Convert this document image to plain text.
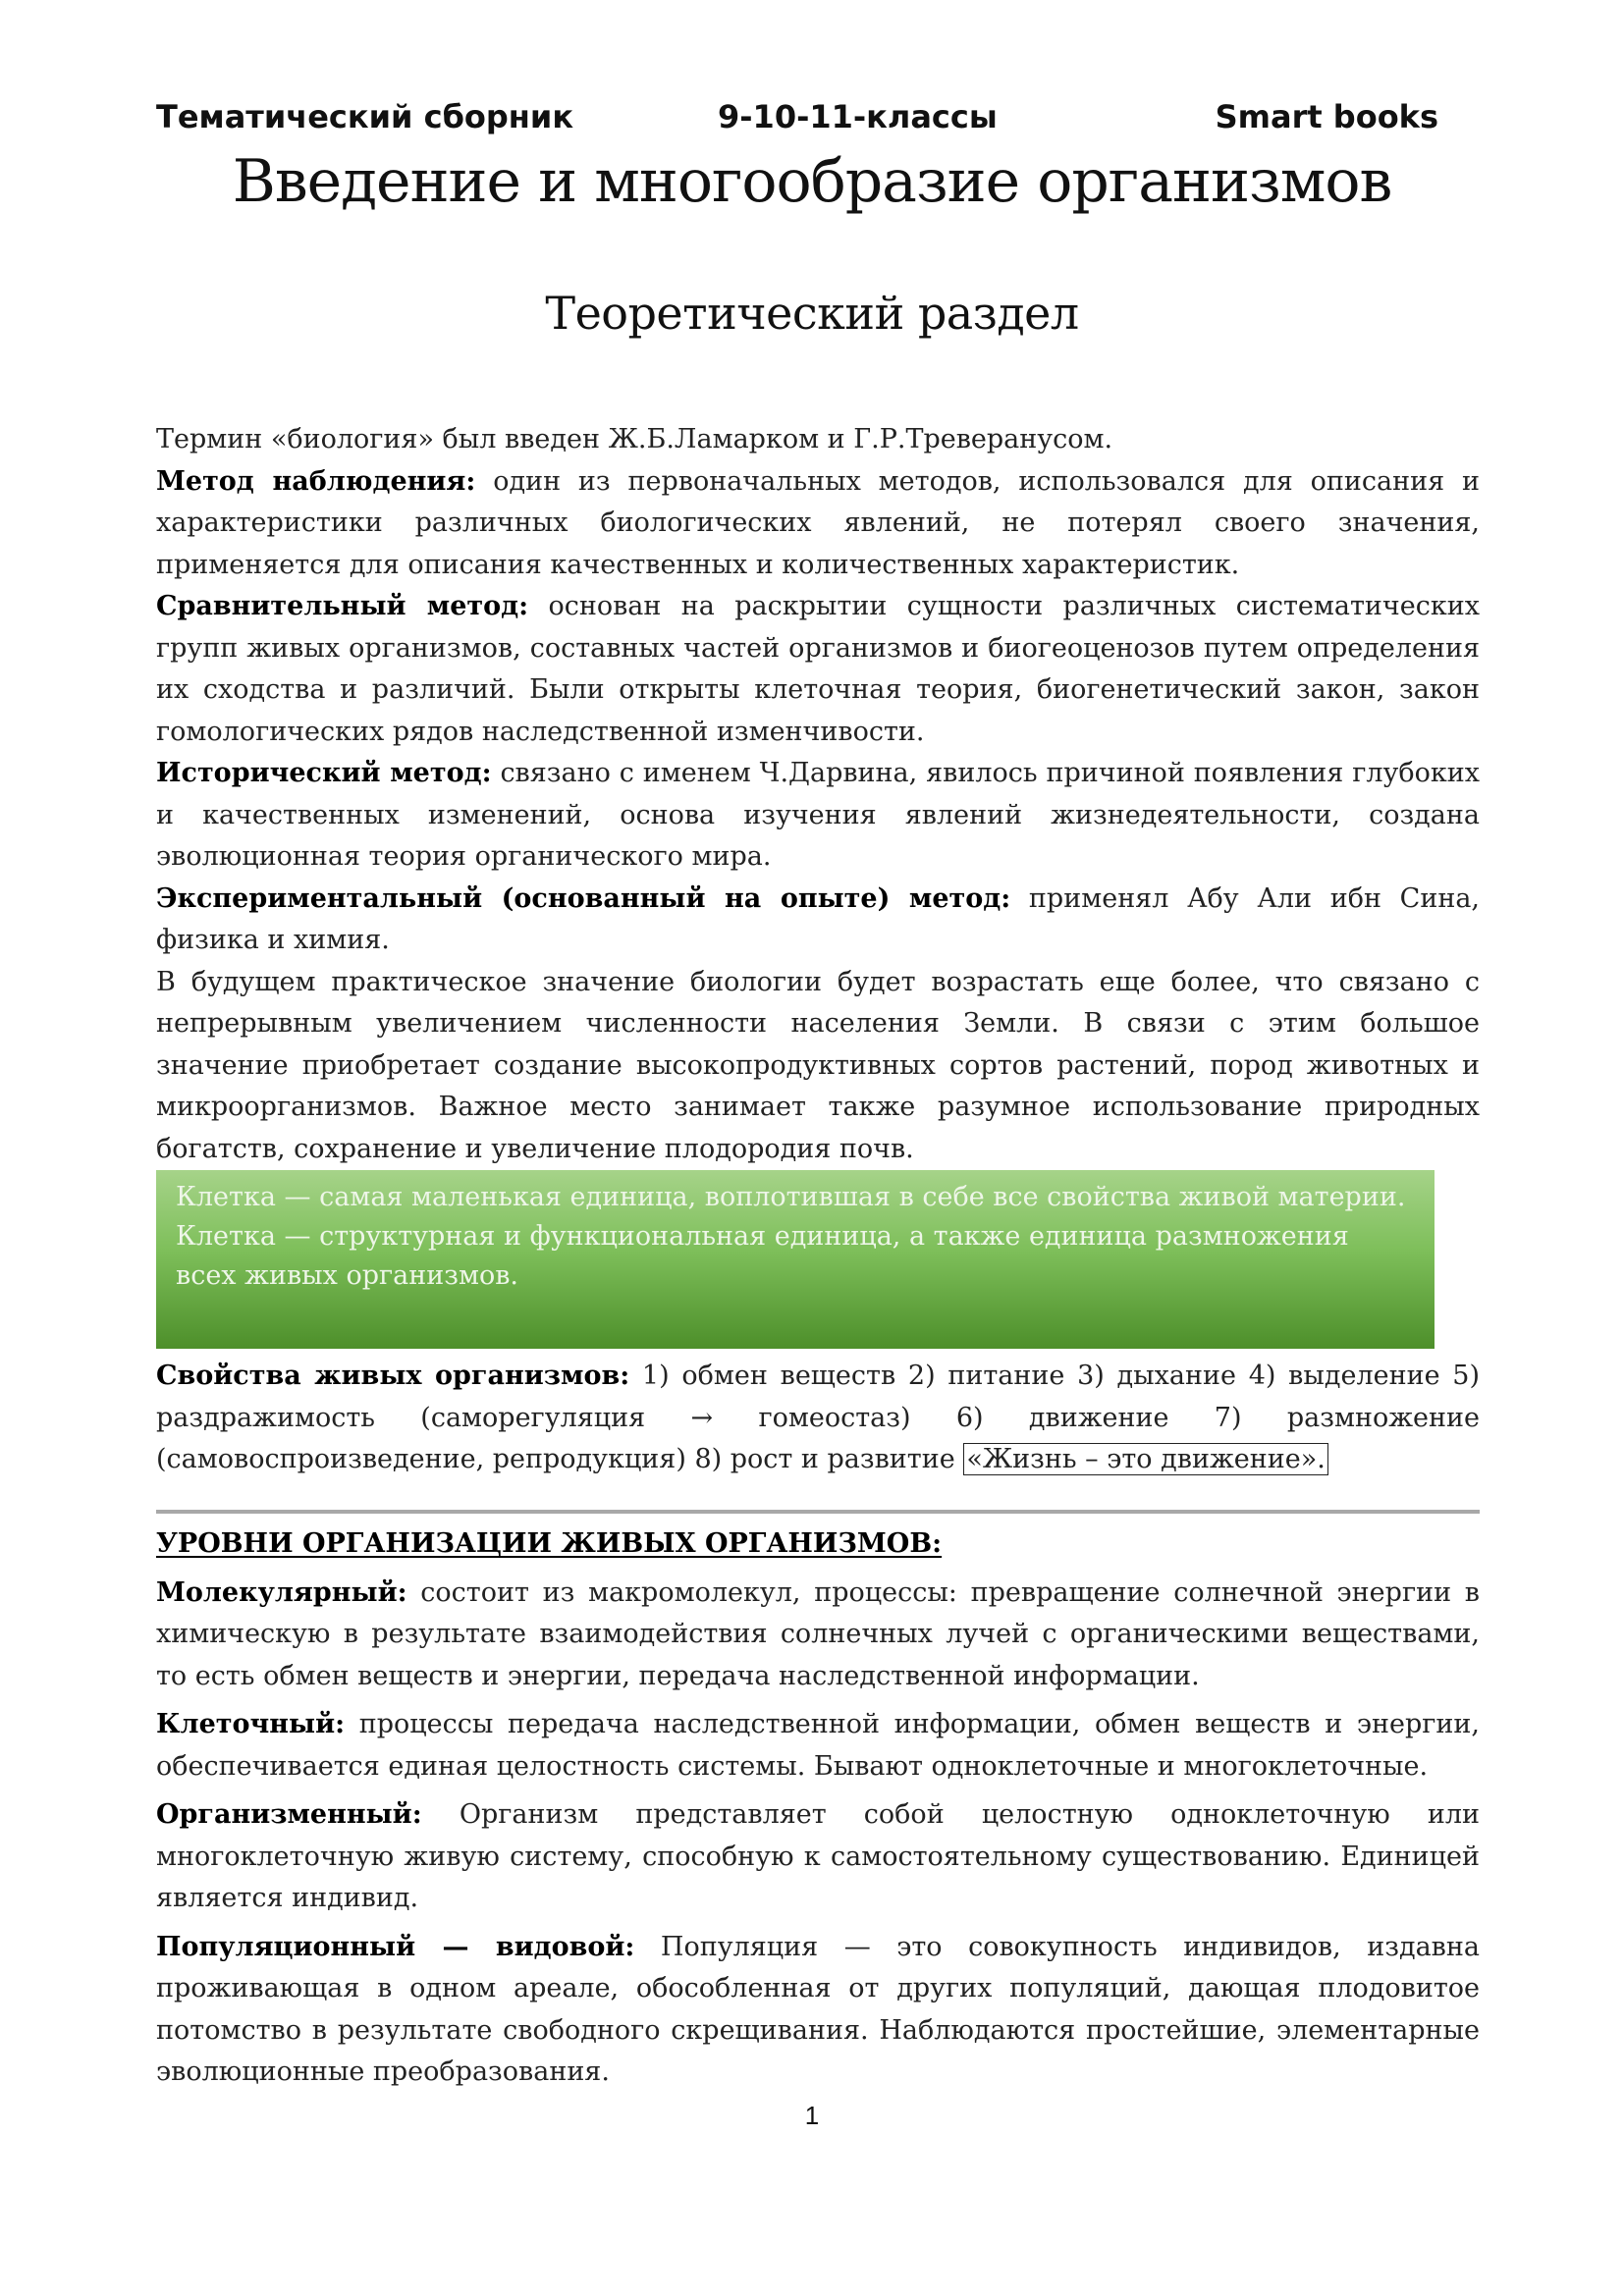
Тематический сборник	9-10-11-классы	Smart books
Введение и многообразие организмов
Теоретический раздел

Термин «биология» был введен Ж.Б.Ламарком и Г.Р.Треверанусом.

Метод наблюдения: один из первоначальных методов, использовался для описания и характеристики различных биологических явлений, не потерял своего значения, применяется для описания качественных и количественных характеристик.

Сравнительный метод: основан на раскрытии сущности различных систематических групп живых организмов, составных частей организмов и биогеоценозов путем определения их сходства и различий. Были открыты клеточная теория, биогенетический закон, закон гомологических рядов наследственной изменчивости.

Исторический метод: связано с именем Ч.Дарвина, явилось причиной появления глубоких и качественных изменений, основа изучения явлений жизнедеятельности, создана эволюционная теория органического мира.

Экспериментальный (основанный на опыте) метод: применял Абу Али ибн Сина, физика и химия.

В будущем практическое значение биологии будет возрастать еще более, что связано с непрерывным увеличением численности населения Земли. В связи с этим большое значение приобретает создание высокопродуктивных сортов растений, пород животных и микроорганизмов. Важное место занимает также разумное использование природных богатств, сохранение и увеличение плодородия почв.

Клетка — самая маленькая единица, воплотившая в себе все свойства живой материи.

Клетка — структурная и функциональная единица, а также единица размножения всех живых организмов.

Свойства живых организмов: 1) обмен веществ 2) питание 3) дыхание 4) выделение 5) раздражимость (саморегуляция → гомеостаз) 6) движение 7) размножение (самовоспроизведение, репродукция) 8) рост и развитие «Жизнь – это движение».

УРОВНИ ОРГАНИЗАЦИИ ЖИВЫХ ОРГАНИЗМОВ:

Молекулярный: состоит из макромолекул, процессы: превращение солнечной энергии в химическую в результате взаимодействия солнечных лучей с органическими веществами, то есть обмен веществ и энергии, передача наследственной информации.

Клеточный: процессы передача наследственной информации, обмен веществ и энергии, обеспечивается единая целостность системы. Бывают одноклеточные и многоклеточные.

Организменный: Организм представляет собой целостную одноклеточную или многоклеточную живую систему, способную к самостоятельному существованию. Единицей является индивид.

Популяционный — видовой: Популяция — это совокупность индивидов, издавна проживающая в одном ареале, обособленная от других популяций, дающая плодовитое потомство в результате свободного скрещивания. Наблюдаются простейшие, элементарные эволюционные преобразования.

1
